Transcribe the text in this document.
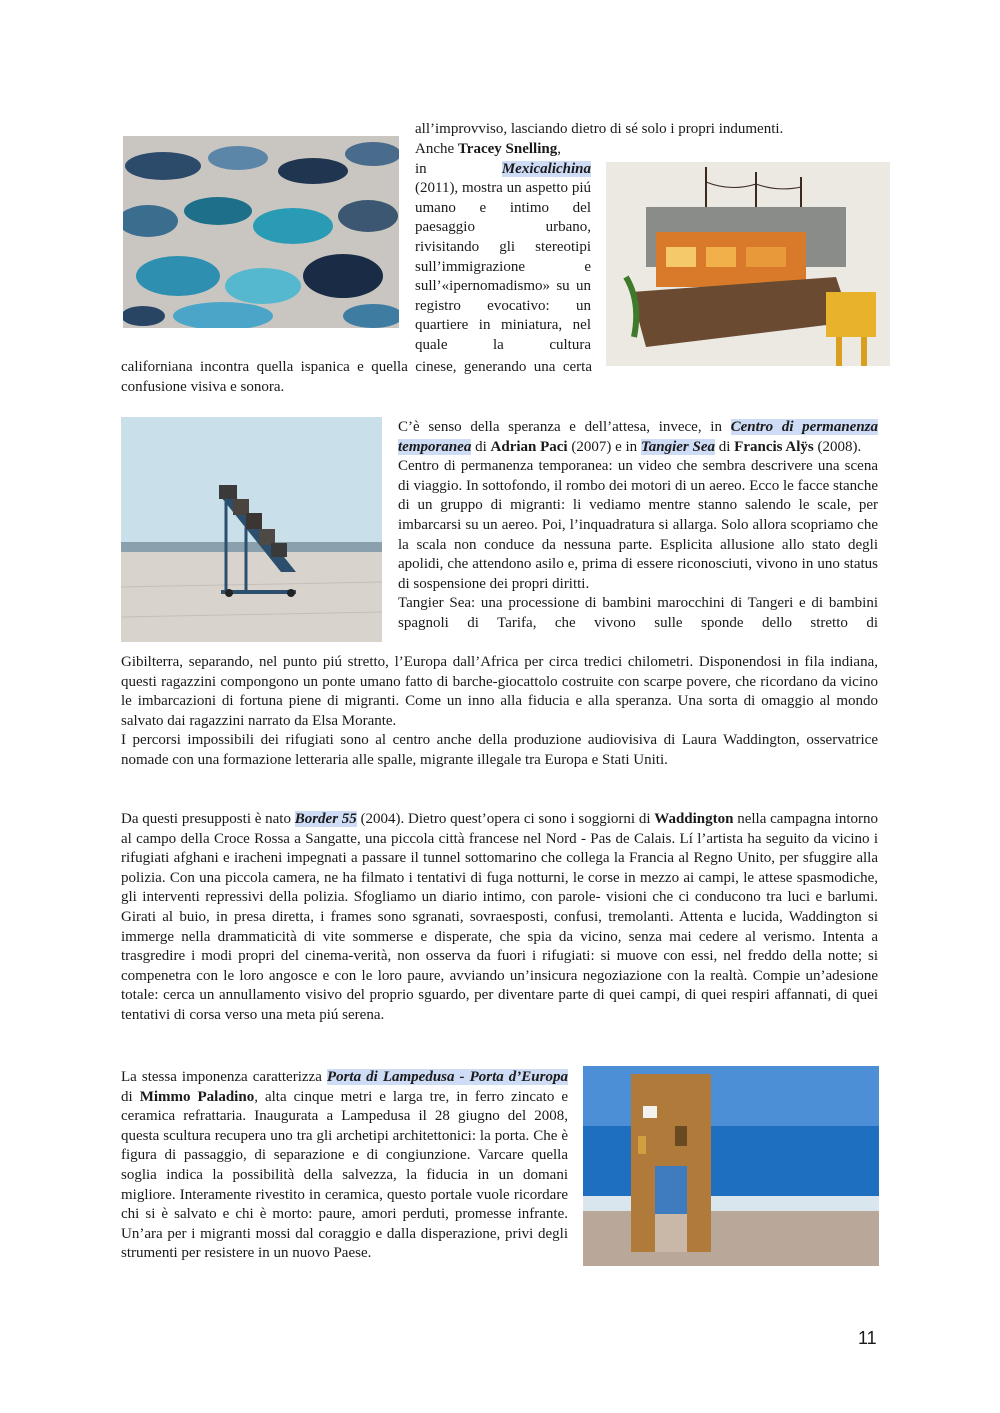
all’improvviso, lasciando dietro di sé solo i propri indumenti.

Anche Tracey Snelling,

in	Mexicalichina

(2011), mostra un aspetto piú umano e intimo del paesaggio urbano, rivisitando gli stereotipi sull’immigrazione e sull’«ipernomadismo» su un registro evocativo: un quartiere in miniatura, nel quale la cultura

californiana incontra quella ispanica e quella cinese, generando una certa confusione visiva e sonora.

C’è senso della speranza e dell’attesa, invece, in Centro di permanenza temporanea di Adrian Paci (2007) e in Tangier Sea di Francis Alÿs (2008).

Centro di permanenza temporanea: un video che sembra descrivere una scena di viaggio. In sottofondo, il rombo dei motori di un aereo. Ecco le facce stanche di un gruppo di migranti: li vediamo mentre stanno salendo le scale, per imbarcarsi su un aereo. Poi, l’inquadratura si allarga. Solo allora scopriamo che la scala non conduce da nessuna parte. Esplicita allusione allo stato degli apolidi, che attendono asilo e, prima di essere riconosciuti, vivono in uno status di sospensione dei propri diritti.

Tangier Sea: una processione di bambini marocchini di Tangeri e di bambini spagnoli di Tarifa, che vivono sulle sponde dello stretto di

Gibilterra, separando, nel punto piú stretto, l’Europa dall’Africa per circa tredici chilometri. Disponendosi in fila indiana, questi ragazzini compongono un ponte umano fatto di barche-giocattolo costruite con scarpe povere, che ricordano da vicino le imbarcazioni di fortuna piene di migranti. Come un inno alla fiducia e alla speranza. Una sorta di omaggio al mondo salvato dai ragazzini narrato da Elsa Morante.

I percorsi impossibili dei rifugiati sono al centro anche della produzione audiovisiva di Laura Waddington, osservatrice nomade con una formazione letteraria alle spalle, migrante illegale tra Europa e Stati Uniti.

Da questi presupposti è nato Border 55 (2004). Dietro quest’opera ci sono i soggiorni di Waddington nella campagna intorno al campo della Croce Rossa a Sangatte, una piccola città francese nel Nord - Pas de Calais. Lí l’artista ha seguito da vicino i rifugiati afghani e iracheni impegnati a passare il tunnel sottomarino che collega la Francia al Regno Unito, per sfuggire alla polizia. Con una piccola camera, ne ha filmato i tentativi di fuga notturni, le corse in mezzo ai campi, le attese spasmodiche, gli interventi repressivi della polizia. Sfogliamo un diario intimo, con parole- visioni che ci conducono tra luci e barlumi. Girati al buio, in presa diretta, i frames sono sgranati, sovraesposti, confusi, tremolanti. Attenta e lucida, Waddington si immerge nella drammaticità di vite sommerse e disperate, che spia da vicino, senza mai cedere al verismo. Intenta a trasgredire i modi propri del cinema-verità, non osserva da fuori i rifugiati: si muove con essi, nel freddo della notte; si compenetra con le loro angosce e con le loro paure, avviando un’insicura negoziazione con la realtà. Compie un’adesione totale: cerca un annullamento visivo del proprio sguardo, per diventare parte di quei campi, di quei respiri affannati, di quei tentativi di corsa verso una meta piú serena.

La stessa imponenza caratterizza Porta di Lampedusa - Porta d’Europa di Mimmo Paladino, alta cinque metri e larga tre, in ferro zincato e ceramica refrattaria. Inaugurata a Lampedusa il 28 giugno del 2008, questa scultura recupera uno tra gli archetipi architettonici: la porta. Che è figura di passaggio, di separazione e di congiunzione. Varcare quella soglia indica la possibilità della salvezza, la fiducia in un domani migliore. Interamente rivestito in ceramica, questo portale vuole ricordare chi si è salvato e chi è morto: paure, amori perduti, promesse infrante. Un’ara per i migranti mossi dal coraggio e dalla disperazione, privi degli strumenti per resistere in un nuovo Paese.

11
